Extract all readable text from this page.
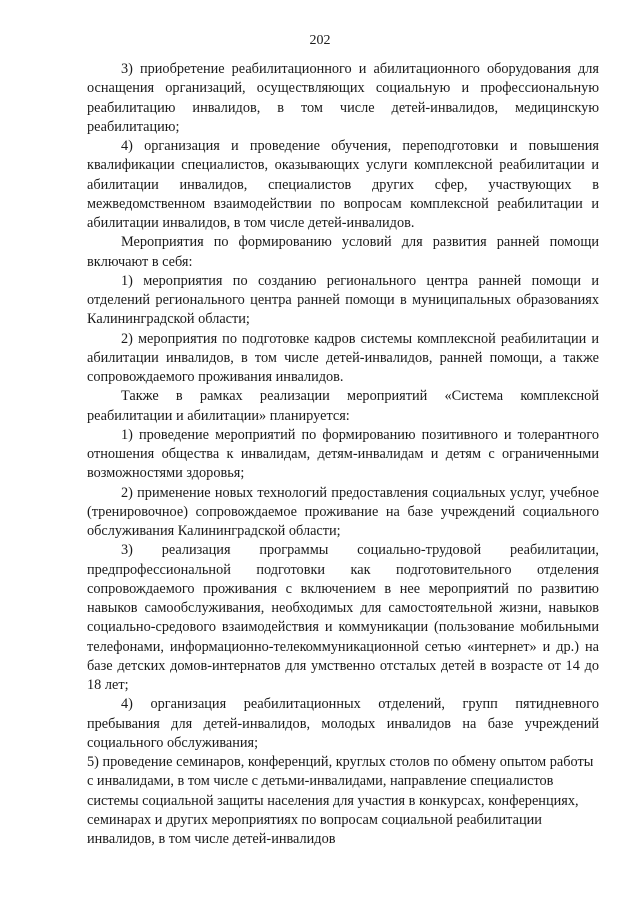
202

3) приобретение реабилитационного и абилитационного оборудования для оснащения организаций, осуществляющих социальную и профессиональную реабилитацию инвалидов, в том числе детей-инвалидов, медицинскую реабилитацию;

4) организация и проведение обучения, переподготовки и повышения квалификации специалистов, оказывающих услуги комплексной реабилитации и абилитации инвалидов, специалистов других сфер, участвующих в межведомственном взаимодействии по вопросам комплексной реабилитации и абилитации инвалидов, в том числе детей-инвалидов.

Мероприятия по формированию условий для развития ранней помощи включают в себя:

1) мероприятия по созданию регионального центра ранней помощи и отделений регионального центра ранней помощи в муниципальных образованиях Калининградской области;

2) мероприятия по подготовке кадров системы комплексной реабилитации и абилитации инвалидов, в том числе детей-инвалидов, ранней помощи, а также сопровождаемого проживания инвалидов.

Также в рамках реализации мероприятий «Система комплексной реабилитации и абилитации» планируется:

1) проведение мероприятий по формированию позитивного и толерантного отношения общества к инвалидам, детям-инвалидам и детям с ограниченными возможностями здоровья;

2) применение новых технологий предоставления социальных услуг, учебное (тренировочное) сопровождаемое проживание на базе учреждений социального обслуживания Калининградской области;

3) реализация программы социально-трудовой реабилитации, предпрофессиональной подготовки как подготовительного отделения сопровождаемого проживания с включением в нее мероприятий по развитию навыков самообслуживания, необходимых для самостоятельной жизни, навыков социально-средового взаимодействия и коммуникации (пользование мобильными телефонами, информационно-телекоммуникационной сетью «интернет» и др.) на базе детских домов-интернатов для умственно отсталых детей в возрасте от 14 до 18 лет;

4) организация реабилитационных отделений, групп пятидневного пребывания для детей-инвалидов, молодых инвалидов на базе учреждений социального обслуживания;

5) проведение семинаров, конференций, круглых столов по обмену опытом работы с инвалидами, в том числе с детьми-инвалидами, направление специалистов системы социальной защиты населения для участия в конкурсах, конференциях, семинарах и других мероприятиях по вопросам социальной реабилитации инвалидов, в том числе детей-инвалидов
